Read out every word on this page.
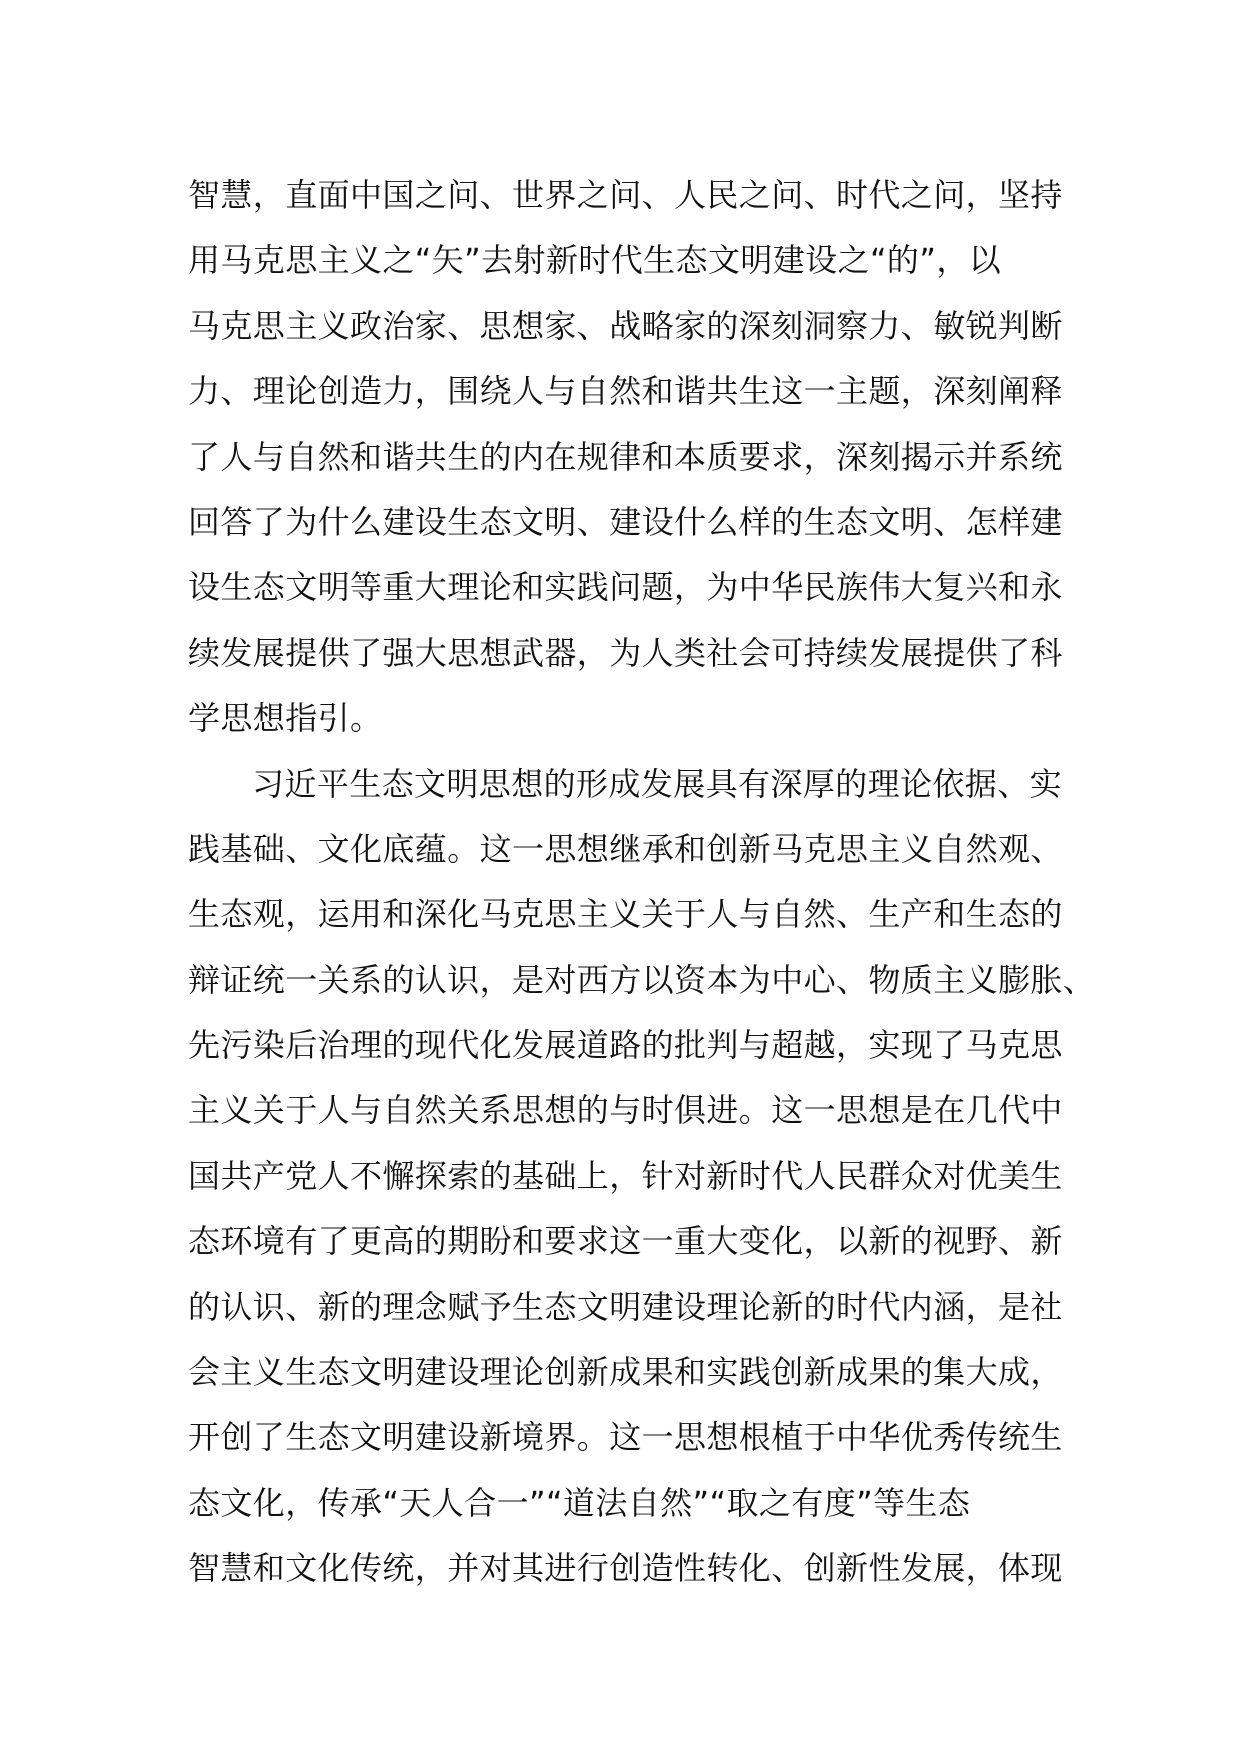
智慧，直面中国之问、世界之问、人民之问、时代之问，坚持
用马克思主义之“矢”去射新时代生态文明建设之“的”，以
马克思主义政治家、思想家、战略家的深刻洞察力、敏锐判断
力、理论创造力，围绕人与自然和谐共生这一主题，深刻阐释
了人与自然和谐共生的内在规律和本质要求，深刻揭示并系统
回答了为什么建设生态文明、建设什么样的生态文明、怎样建
设生态文明等重大理论和实践问题，为中华民族伟大复兴和永
续发展提供了强大思想武器，为人类社会可持续发展提供了科
学思想指引。
习近平生态文明思想的形成发展具有深厚的理论依据、实
践基础、文化底蕴。这一思想继承和创新马克思主义自然观、
生态观，运用和深化马克思主义关于人与自然、生产和生态的
辩证统一关系的认识，是对西方以资本为中心、物质主义膨胀、
先污染后治理的现代化发展道路的批判与超越，实现了马克思
主义关于人与自然关系思想的与时俱进。这一思想是在几代中
国共产党人不懈探索的基础上，针对新时代人民群众对优美生
态环境有了更高的期盼和要求这一重大变化，以新的视野、新
的认识、新的理念赋予生态文明建设理论新的时代内涵，是社
会主义生态文明建设理论创新成果和实践创新成果的集大成，
开创了生态文明建设新境界。这一思想根植于中华优秀传统生
态文化，传承“天人合一”“道法自然”“取之有度”等生态
智慧和文化传统，并对其进行创造性转化、创新性发展，体现
